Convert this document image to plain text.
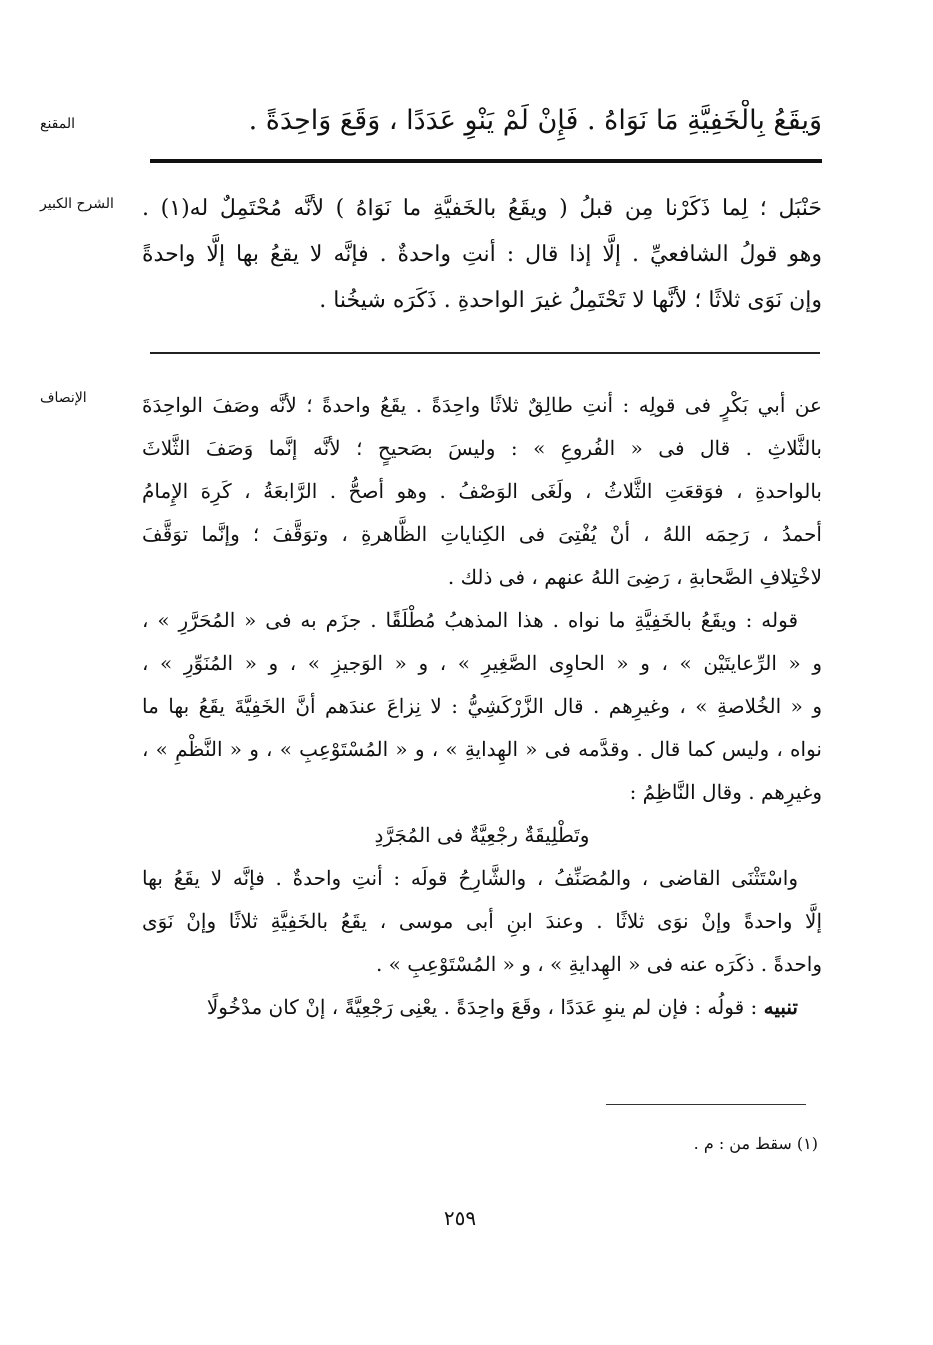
المقنع	وَيقَعُ بِالْخَفِيَّةِ مَا نَوَاهُ . فَإِنْ لَمْ يَنْوِ عَدَدًا ، وَقَعَ وَاحِدَةً .
الشرح الكبير	حَنْبَل ؛ لِما ذَكَرْنا مِن قبلُ ( ويقَعُ بالخَفيَّةِ ما نَوَاهُ ) لأنَّه مُحْتَمِلٌ له(١) .
وهو قولُ الشافعيِّ . إلَّا إذا قال : أنتِ واحدةٌ . فإنَّه لا يقعُ بها إلَّا واحدةً
وإن نَوَى ثلاثًا ؛ لأنَّها لا تَحْتَمِلُ غيرَ الواحدةِ . ذَكَرَه شيخُنا .
الإنصاف	عن أبي بَكْرٍ فى قولِه : أنتِ طالِقٌ ثلاثًا واحِدَةً . يقَعُ واحدةً ؛ لأنَّه وصَفَ الواحِدَةَ
بالثَّلاثِ . قال فى « الفُروعِ » : وليسَ بصَحيحٍ ؛ لأنَّه إنَّما وَصَفَ الثَّلاثَ
بالواحدةِ ، فوَقعَتِ الثَّلاثُ ، ولَغَى الوَصْفُ . وهو أصحُّ . الرَّابعَةُ ، كَرِهَ الإِمامُ
أحمدُ ، رَحِمَه اللهُ ، أنْ يُفْتِىَ فى الكِناياتِ الظَّاهرةِ ، وتوَقَّفَ ؛ وإنَّما توَقَّفَ
لاخْتِلافِ الصَّحابةِ ، رَضِىَ اللهُ عنهم ، فى ذلك .
قوله : ويقَعُ بالخَفِيَّةِ ما نواه . هذا المذهبُ مُطْلَقًا . جزَم به فى « المُحَرَّرِ » ،
و « الرِّعايتَيْن » ، و « الحاوِى الصَّغِيرِ » ، و « الوَجيزِ » ، و « المُنَوِّرِ » ،
و « الخُلاصةِ » ، وغيرِهم . قال الزَّرْكَشِيُّ : لا نِزاعَ عندَهم أنَّ الخَفِيَّةَ يقَعُ بها ما
نواه ، وليس كما قال . وقدَّمه فى « الهِدايةِ » ، و « المُسْتَوْعِبِ » ، و « النَّظْمِ » ،
وغيرِهم . وقال النَّاظِمُ :
وتَطْلِيقَةٌ رجْعِيَّةٌ فى المُجَرَّدِ
واسْتَثْنَى القاضى ، والمُصَنِّفُ ، والشَّارِحُ قولَه : أنتِ واحدةٌ . فإنَّه لا يقَعُ بها
إلَّا واحدةً وإنْ نوَى ثلاثًا . وعندَ ابنِ أبى موسى ، يقَعُ بالخَفِيَّةِ ثلاثًا وإنْ نَوَى
واحدةً . ذكَرَه عنه فى « الهِدايةِ » ، و « المُسْتَوْعِبِ » .
تنبيه : قولُه : فإن لم ينوِ عَدَدًا ، وقَعَ واحِدَةً . يعْنِى رَجْعِيَّةً ، إنْ كان مدْخُولًا
(١) سقط من : م .
٢٥٩
